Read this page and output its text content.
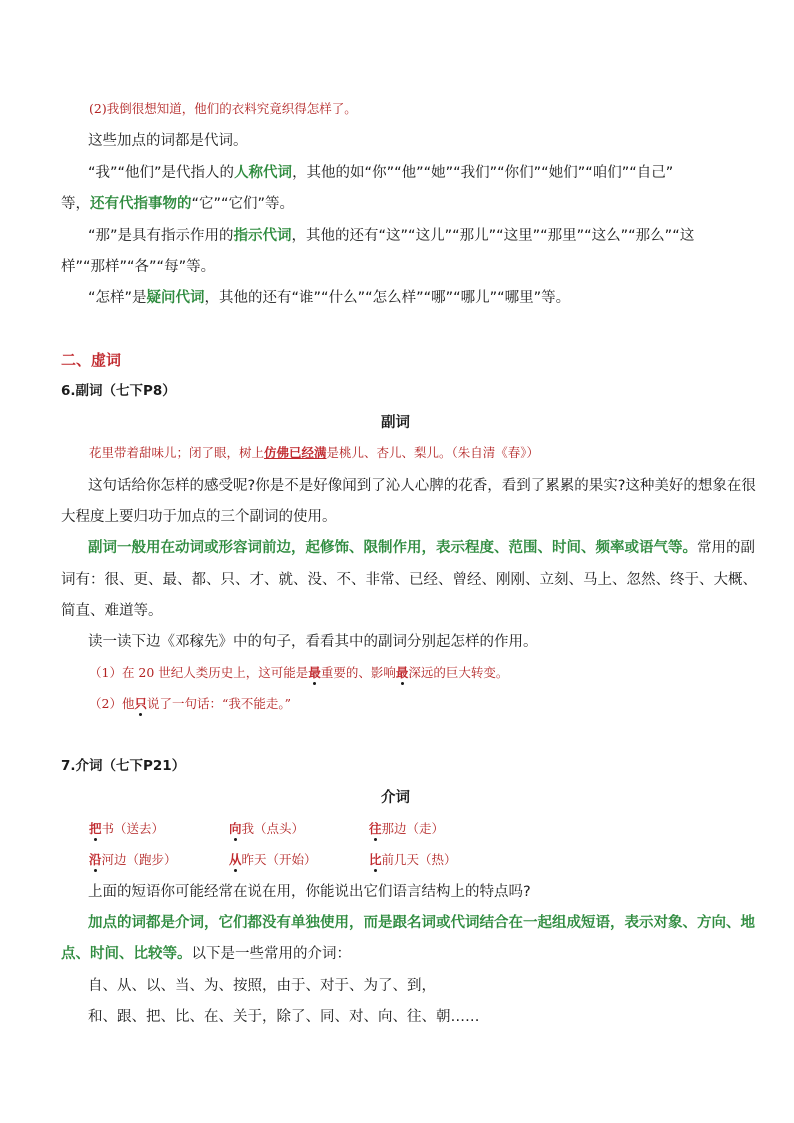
(2)我倒很想知道，他们的衣料究竟织得怎样了。
这些加点的词都是代词。
“我”“他们”是代指人的人称代词，其他的如“你”“他”“她”“我们”“你们”“她们”“咱们”“自己”
等，还有代指事物的“它”“它们”等。
“那”是具有指示作用的指示代词，其他的还有“这”“这儿”“那儿”“这里”“那里”“这么”“那么”“这
样”“那样”“各”“每”等。
“怎样”是疑问代词，其他的还有“谁”“什么”“怎么样”“哪”“哪儿”“哪里”等。
二、虚词
6.副词（七下P8）
副词
花里带着甜味儿；闭了眼，树上仿佛已经满是桃儿、杏儿、梨儿。（朱自清《春》）
这句话给你怎样的感受呢?你是不是好像闻到了沁人心脾的花香，看到了累累的果实?这种美好的想象在很
大程度上要归功于加点的三个副词的使用。
副词一般用在动词或形容词前边，起修饰、限制作用，表示程度、范围、时间、频率或语气等。常用的副
词有：很、更、最、都、只、才、就、没、不、非常、已经、曾经、刚刚、立刻、马上、忽然、终于、大概、
简直、难道等。
读一读下边《邓稼先》中的句子，看看其中的副词分别起怎样的作用。
（1）在 20 世纪人类历史上，这可能是最重要的、影响最深远的巨大转变。
（2）他只说了一句话：“我不能走。”
7.介词（七下P21）
介词
把书（送去）	向我（点头）	往那边（走）
沿河边（跑步）	从昨天（开始）	比前几天（热）
上面的短语你可能经常在说在用，你能说出它们语言结构上的特点吗?
加点的词都是介词，它们都没有单独使用，而是跟名词或代词结合在一起组成短语，表示对象、方向、地
点、时间、比较等。以下是一些常用的介词：
自、从、以、当、为、按照，由于、对于、为了、到，
和、跟、把、比、在、关于，除了、同、对、向、往、朝……
